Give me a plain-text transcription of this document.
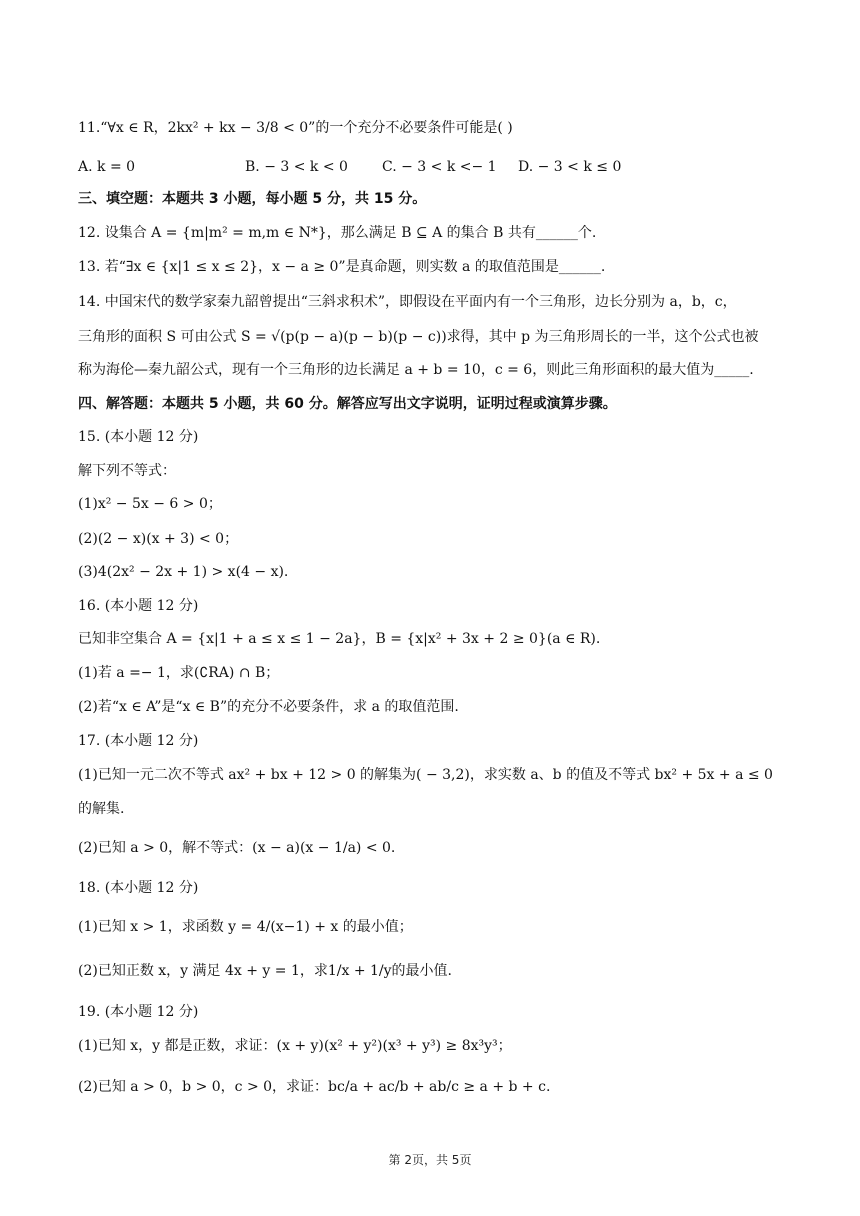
11.“∀x ∈ R，2kx² + kx − 3/8 < 0”的一个充分不必要条件可能是( )
A. k = 0	B. − 3 < k < 0	C. − 3 < k <− 1	D. − 3 < k ≤ 0
三、填空题：本题共 3 小题，每小题 5 分，共 15 分。
12. 设集合 A = {m|m² = m,m ∈ N*}，那么满足 B ⊆ A 的集合 B 共有______个.
13. 若“∃x ∈ {x|1 ≤ x ≤ 2}，x − a ≥ 0”是真命题，则实数 a 的取值范围是______.
14. 中国宋代的数学家秦九韶曾提出“三斜求积术”，即假设在平面内有一个三角形，边长分别为 a，b，c，
三角形的面积 S 可由公式 S = √(p(p − a)(p − b)(p − c))求得，其中 p 为三角形周长的一半，这个公式也被
称为海伦—秦九韶公式，现有一个三角形的边长满足 a + b = 10，c = 6，则此三角形面积的最大值为_____.
四、解答题：本题共 5 小题，共 60 分。解答应写出文字说明，证明过程或演算步骤。
15. (本小题 12 分)
解下列不等式：
(1)x² − 5x − 6 > 0；
(2)(2 − x)(x + 3) < 0；
(3)4(2x² − 2x + 1) > x(4 − x).
16. (本小题 12 分)
已知非空集合 A = {x|1 + a ≤ x ≤ 1 − 2a}，B = {x|x² + 3x + 2 ≥ 0}(a ∈ R).
(1)若 a =− 1，求(∁RA) ∩ B；
(2)若“x ∈ A”是“x ∈ B”的充分不必要条件，求 a 的取值范围.
17. (本小题 12 分)
(1)已知一元二次不等式 ax² + bx + 12 > 0 的解集为( − 3,2)，求实数 a、b 的值及不等式 bx² + 5x + a ≤ 0
的解集.
(2)已知 a > 0，解不等式：(x − a)(x − 1/a) < 0.
18. (本小题 12 分)
(1)已知 x > 1，求函数 y = 4/(x−1) + x 的最小值；
(2)已知正数 x，y 满足 4x + y = 1，求1/x + 1/y的最小值.
19. (本小题 12 分)
(1)已知 x，y 都是正数，求证：(x + y)(x² + y²)(x³ + y³) ≥ 8x³y³；
(2)已知 a > 0，b > 0，c > 0，求证：bc/a + ac/b + ab/c ≥ a + b + c.
第 2页，共 5页
